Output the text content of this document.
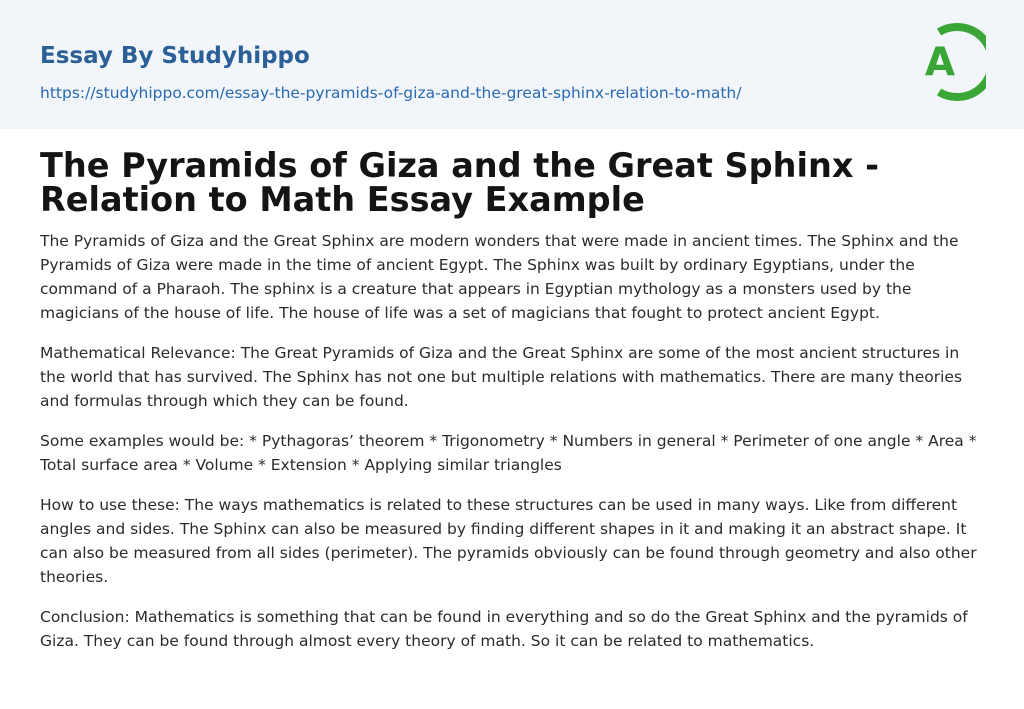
Essay By Studyhippo
https://studyhippo.com/essay-the-pyramids-of-giza-and-the-great-sphinx-relation-to-math/
A
The Pyramids of Giza and the Great Sphinx - Relation to Math Essay Example

The Pyramids of Giza and the Great Sphinx are modern wonders that were made in ancient times. The Sphinx and the Pyramids of Giza were made in the time of ancient Egypt. The Sphinx was built by ordinary Egyptians, under the command of a Pharaoh. The sphinx is a creature that appears in Egyptian mythology as a monsters used by the magicians of the house of life. The house of life was a set of magicians that fought to protect ancient Egypt.

Mathematical Relevance: The Great Pyramids of Giza and the Great Sphinx are some of the most ancient structures in the world that has survived. The Sphinx has not one but multiple relations with mathematics. There are many theories and formulas through which they can be found.

Some examples would be: * Pythagoras’ theorem * Trigonometry * Numbers in general * Perimeter of one angle * Area * Total surface area * Volume * Extension * Applying similar triangles

How to use these: The ways mathematics is related to these structures can be used in many ways. Like from different angles and sides. The Sphinx can also be measured by finding different shapes in it and making it an abstract shape. It can also be measured from all sides (perimeter). The pyramids obviously can be found through geometry and also other theories.

Conclusion: Mathematics is something that can be found in everything and so do the Great Sphinx and the pyramids of Giza. They can be found through almost every theory of math. So it can be related to mathematics.
